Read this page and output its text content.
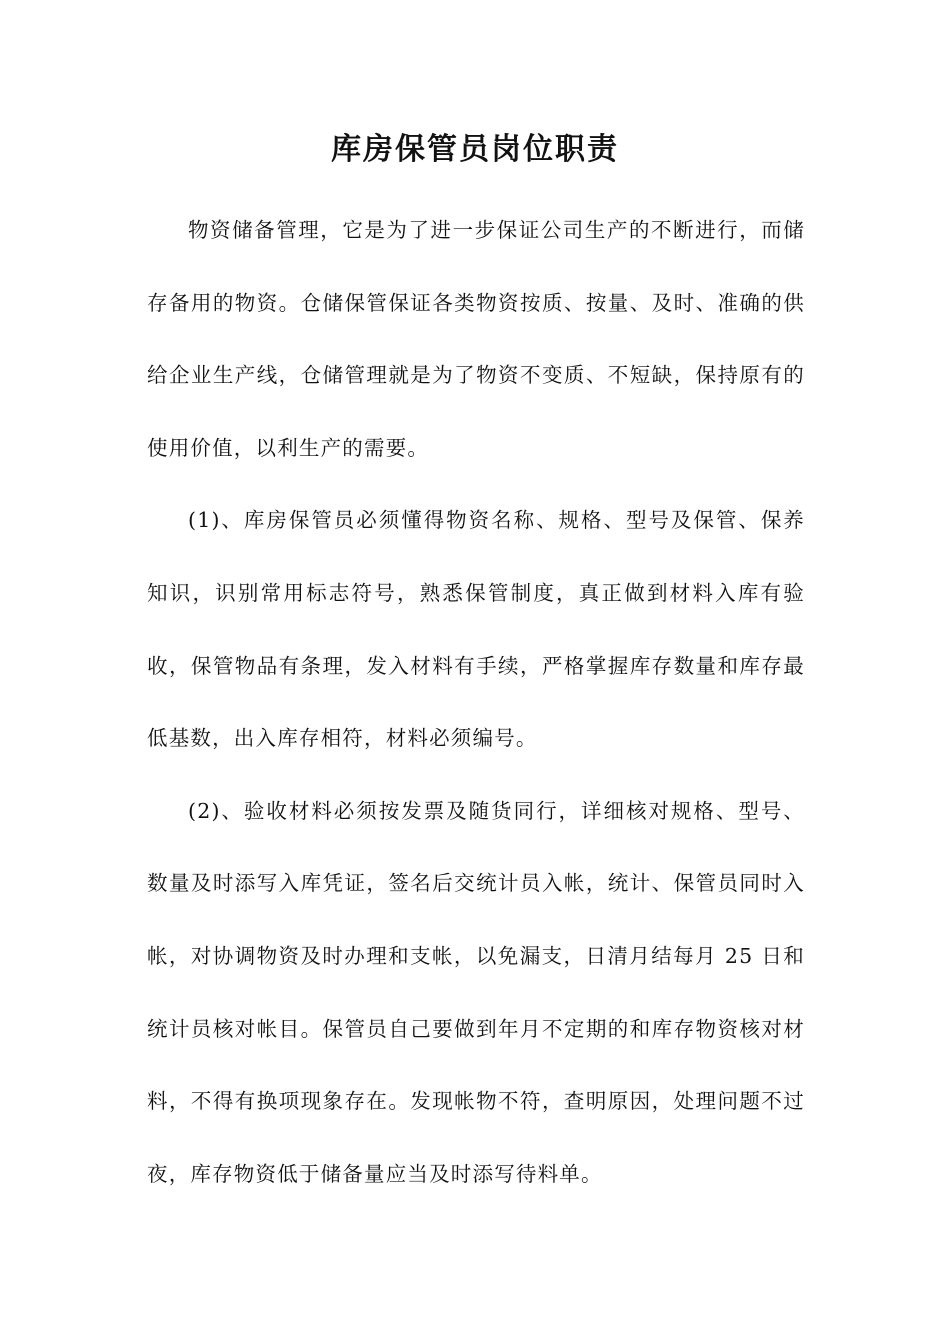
库房保管员岗位职责

物资储备管理，它是为了进一步保证公司生产的不断进行，而储存备用的物资。仓储保管保证各类物资按质、按量、及时、准确的供给企业生产线，仓储管理就是为了物资不变质、不短缺，保持原有的使用价值，以利生产的需要。

(1)、库房保管员必须懂得物资名称、规格、型号及保管、保养知识，识别常用标志符号，熟悉保管制度，真正做到材料入库有验收，保管物品有条理，发入材料有手续，严格掌握库存数量和库存最低基数，出入库存相符，材料必须编号。

(2)、验收材料必须按发票及随货同行，详细核对规格、型号、数量及时添写入库凭证，签名后交统计员入帐，统计、保管员同时入帐，对协调物资及时办理和支帐，以免漏支，日清月结每月 25 日和统计员核对帐目。保管员自己要做到年月不定期的和库存物资核对材料，不得有换项现象存在。发现帐物不符，查明原因，处理问题不过夜，库存物资低于储备量应当及时添写待料单。
